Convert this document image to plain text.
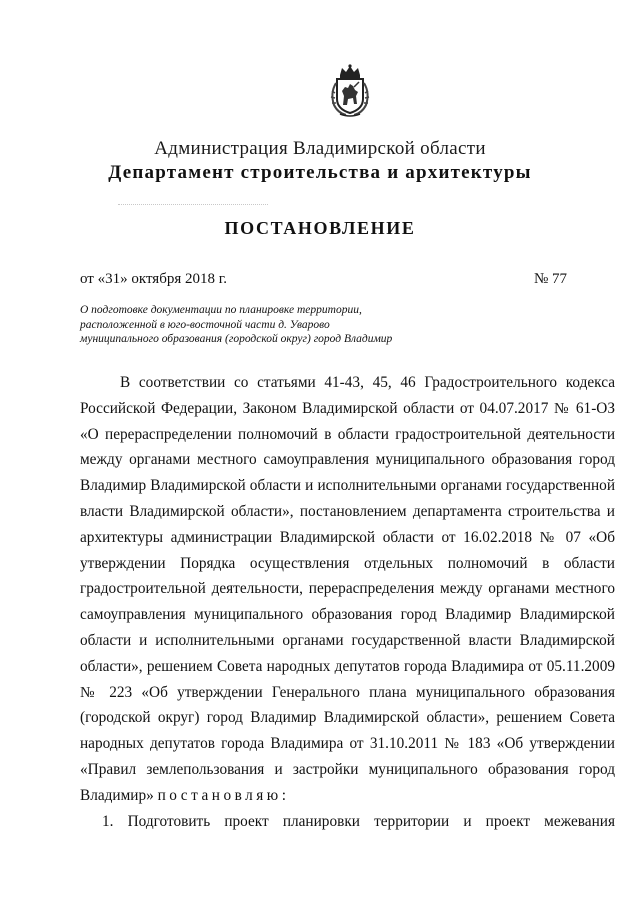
Администрация Владимирской области
Департамент строительства и архитектуры
ПОСТАНОВЛЕНИЕ
от «31» октября 2018 г.	№ 77
О подготовке документации по планировке территории,
расположенной в юго-восточной части д. Уварово
муниципального образования (городской округ) город Владимир
В соответствии со статьями 41-43, 45, 46 Градостроительного кодекса
Российской Федерации, Законом Владимирской области от 04.07.2017 № 61-ОЗ
«О перераспределении полномочий в области градостроительной деятельности
между органами местного самоуправления муниципального образования город
Владимир Владимирской области и исполнительными органами государственной
власти Владимирской области», постановлением департамента строительства и
архитектуры администрации Владимирской области от 16.02.2018 № 07 «Об
утверждении Порядка осуществления отдельных полномочий в области
градостроительной деятельности, перераспределения между органами местного
самоуправления муниципального образования город Владимир Владимирской
области и исполнительными органами государственной власти Владимирской
области», решением Совета народных депутатов города Владимира от 05.11.2009
№ 223 «Об утверждении Генерального плана муниципального образования
(городской округ) город Владимир Владимирской области», решением Совета
народных депутатов города Владимира от 31.10.2011 № 183 «Об утверждении
«Правил землепользования и застройки муниципального образования город
Владимир» постановляю:
1. Подготовить проект планировки территории и проект межевания
